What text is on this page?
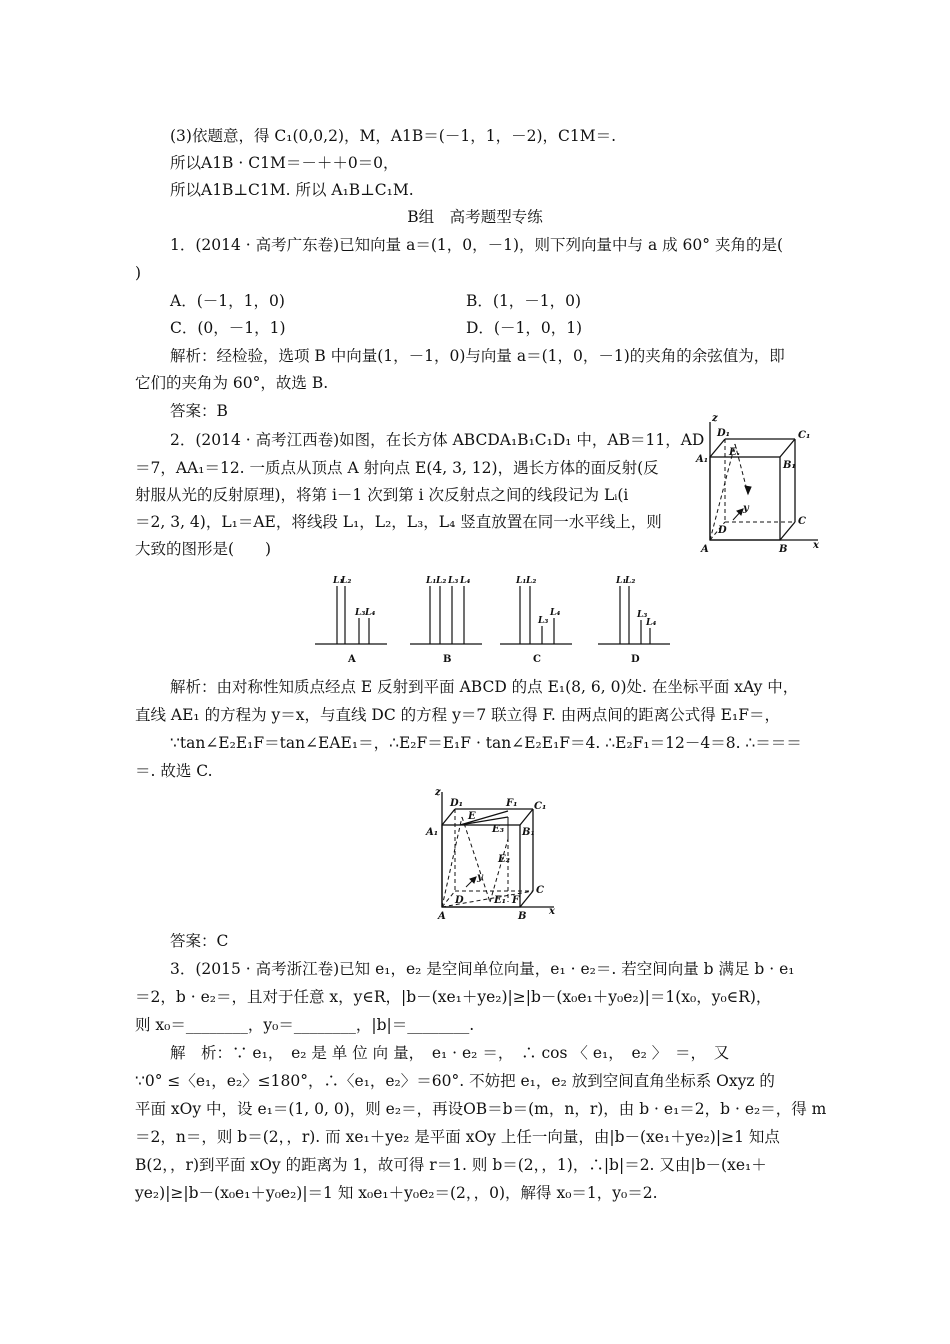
(3)依题意，得 C₁(0,0,2)，M，A1B＝(－1，1，－2)，C1M＝.
所以A1B · C1M＝－＋＋0＝0，
所以A1B⊥C1M. 所以 A₁B⊥C₁M.
B组　高考题型专练
1．(2014 · 高考广东卷)已知向量 a＝(1，0，－1)，则下列向量中与 a 成 60° 夹角的是(
)
A．(－1，1，0)	B．(1，－1，0)
C．(0，－1，1)	D．(－1，0，1)
解析：经检验，选项 B 中向量(1，－1，0)与向量 a＝(1，0，－1)的夹角的余弦值为，即
它们的夹角为 60°，故选 B.
答案：B
2．(2014 · 高考江西卷)如图，在长方体 ABCDA₁B₁C₁D₁ 中，AB＝11，AD
＝7，AA₁＝12. 一质点从顶点 A 射向点 E(4, 3, 12)，遇长方体的面反射(反
射服从光的反射原理)，将第 i－1 次到第 i 次反射点之间的线段记为 Lᵢ(i
＝2, 3, 4)，L₁＝AE，将线段 L₁，L₂，L₃，L₄ 竖直放置在同一水平线上，则
大致的图形是(　　)
z
D₁	C₁
A₁
E.
B₁
y
D
C
A	B	x
L₁
L₂
L₃ L₄
A
L₁ L₂ L₃ L₄
B
L₁ L₂
L₃
L₄
C
L₁
L₂
L₃
L₄
D
解析：由对称性知质点经点 E 反射到平面 ABCD 的点 E₁(8, 6, 0)处. 在坐标平面 xAy 中，
直线 AE₁ 的方程为 y＝x，与直线 DC 的方程 y＝7 联立得 F. 由两点间的距离公式得 E₁F＝，
∵tan∠E₂E₁F＝tan∠EAE₁＝，∴E₂F＝E₁F · tan∠E₂E₁F＝4. ∴E₂F₁＝12－4＝8. ∴＝＝＝
＝. 故选 C.
z
D₁
E
F₁ C₁
A₁	E₃ B₁
E₂
y
D
C
E₁ F
A	B x
答案：C
3．(2015 · 高考浙江卷)已知 e₁，e₂ 是空间单位向量，e₁ · e₂＝. 若空间向量 b 满足 b · e₁
＝2，b · e₂＝，且对于任意 x，y∈R，|b－(xe₁＋ye₂)|≥|b－(x₀e₁＋y₀e₂)|＝1(x₀，y₀∈R)，
则 x₀＝________，y₀＝________，|b|＝________.
解　析：∵ e₁，　e₂ 是 单 位 向 量，　e₁ · e₂ ＝，　∴ cos 〈 e₁，　e₂ 〉　＝，　又
∵0° ≤〈e₁，e₂〉≤180°，∴〈e₁，e₂〉＝60°. 不妨把 e₁，e₂ 放到空间直角坐标系 Oxyz 的
平面 xOy 中，设 e₁＝(1, 0, 0)，则 e₂＝，再设OB＝b＝(m，n，r)，由 b · e₁＝2，b · e₂＝，得 m
＝2，n＝，则 b＝(2，，r). 而 xe₁＋ye₂ 是平面 xOy 上任一向量，由|b－(xe₁＋ye₂)|≥1 知点
B(2，，r)到平面 xOy 的距离为 1，故可得 r＝1. 则 b＝(2，，1)，∴|b|＝2. 又由|b－(xe₁＋
ye₂)|≥|b－(x₀e₁＋y₀e₂)|＝1 知 x₀e₁＋y₀e₂＝(2，，0)，解得 x₀＝1，y₀＝2.
